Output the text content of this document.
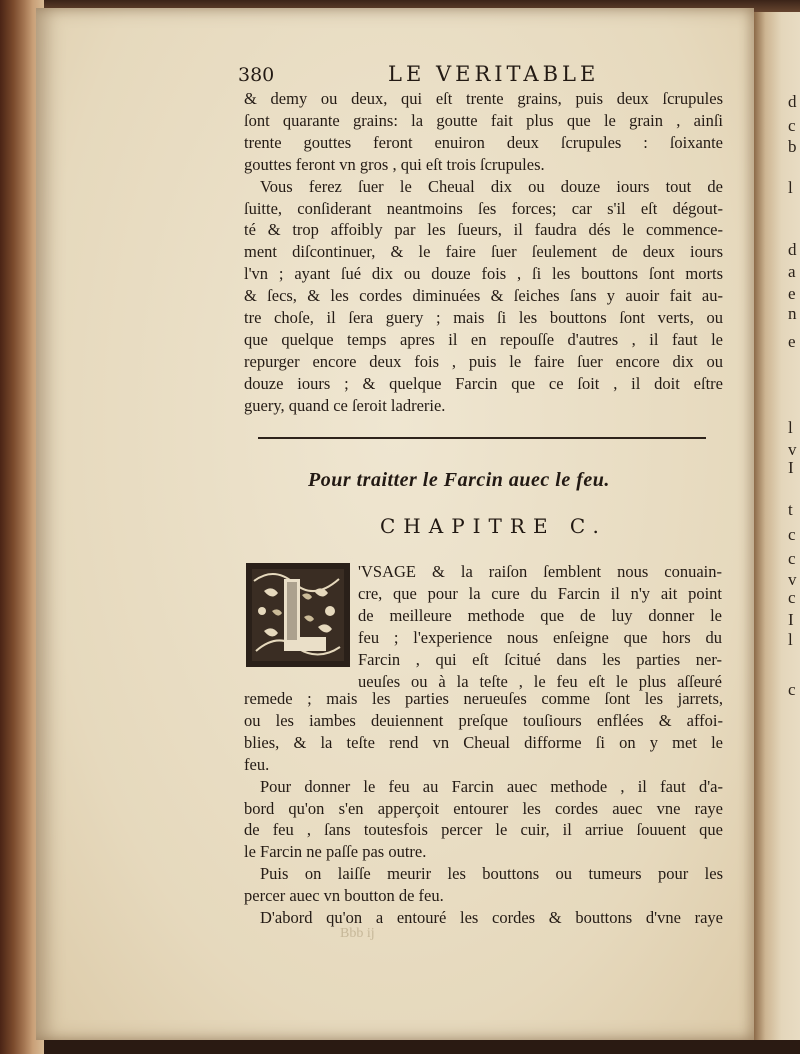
d
c
b
l
d
a
e
n
e
l
v
I
t
c
c
v
c
I
l
c
380	LE VERITABLE
& demy ou deux, qui eſt trente grains, puis deux ſcrupules
ſont quarante grains: la goutte fait plus que le grain , ainſi
trente gouttes feront enuiron deux ſcrupules : ſoixante
gouttes feront vn gros , qui eſt trois ſcrupules.
Vous ferez ſuer le Cheual dix ou douze iours tout de
ſuitte, conſiderant neantmoins ſes forces; car s'il eſt dégout-
té & trop affoibly par les ſueurs, il faudra dés le commence-
ment diſcontinuer, & le faire ſuer ſeulement de deux iours
l'vn ; ayant ſué dix ou douze fois , ſi les bouttons ſont morts
& ſecs, & les cordes diminuées & ſeiches ſans y auoir fait au-
tre choſe, il ſera guery ; mais ſi les bouttons ſont verts, ou
que quelque temps apres il en repouſſe d'autres , il faut le
repurger encore deux fois , puis le faire ſuer encore dix ou
douze iours ; & quelque Farcin que ce ſoit , il doit eſtre
guery, quand ce ſeroit ladrerie.
Pour traitter le Farcin auec le feu.
CHAPITRE C.
'VSAGE & la raiſon ſemblent nous conuain-
cre, que pour la cure du Farcin il n'y ait point
de meilleure methode que de luy donner le
feu ; l'experience nous enſeigne que hors du
Farcin , qui eſt ſcitué dans les parties ner-
ueuſes ou à la teſte , le feu eſt le plus aſſeuré
remede ; mais les parties nerueuſes comme ſont les jarrets,
ou les iambes deuiennent preſque touſiours enflées & affoi-
blies, & la teſte rend vn Cheual difforme ſi on y met le
feu.
Pour donner le feu au Farcin auec methode , il faut d'a-
bord qu'on s'en apperçoit entourer les cordes auec vne raye
de feu , ſans toutesfois percer le cuir, il arriue ſouuent que
le Farcin ne paſſe pas outre.
Puis on laiſſe meurir les bouttons ou tumeurs pour les
percer auec vn boutton de feu.
D'abord qu'on a entouré les cordes & bouttons d'vne raye
Bbb ij
